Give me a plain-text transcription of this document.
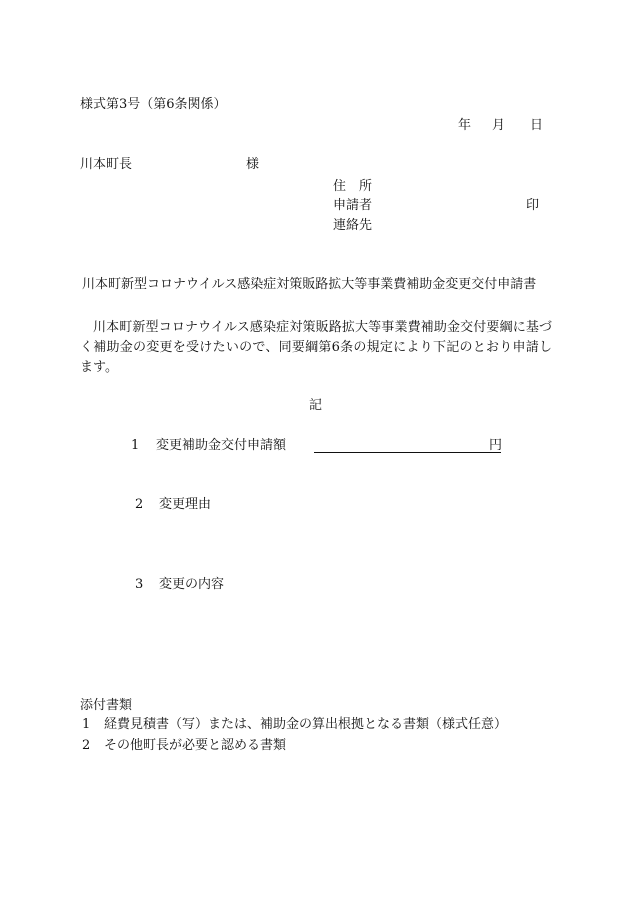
様式第3号（第6条関係）
年 月 日
川本町長	様
住　所
申請者	印
連絡先
川本町新型コロナウイルス感染症対策販路拡大等事業費補助金変更交付申請書
川本町新型コロナウイルス感染症対策販路拡大等事業費補助金交付要綱に基づく補助金の変更を受けたいので、同要綱第6条の規定により下記のとおり申請します。
記
1 変更補助金交付申請額	円
2 変更理由
3 変更の内容
添付書類
1 経費見積書（写）または、補助金の算出根拠となる書類（様式任意）
2 その他町長が必要と認める書類
